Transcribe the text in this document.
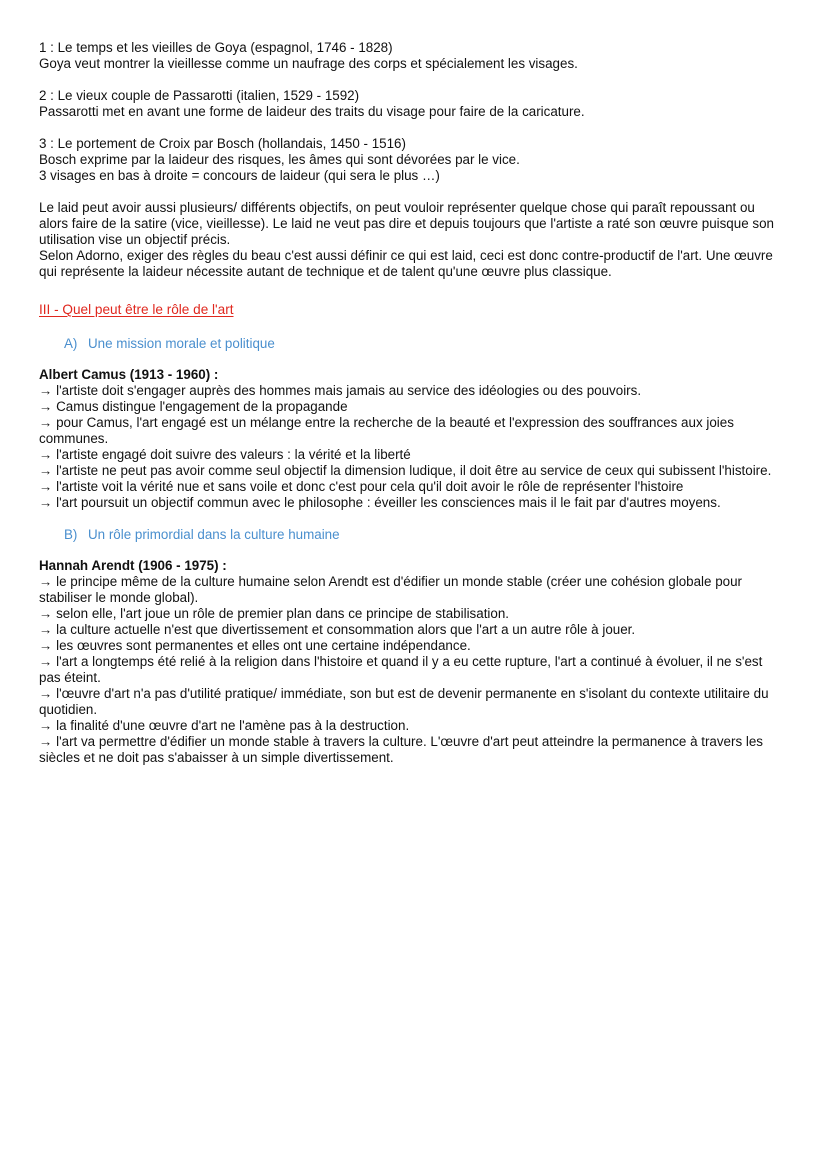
1 : Le temps et les vieilles de Goya (espagnol, 1746 - 1828)

Goya veut montrer la vieillesse comme un naufrage des corps et spécialement les visages.

2 : Le vieux couple de Passarotti (italien, 1529 - 1592)

Passarotti met en avant une forme de laideur des traits du visage pour faire de la caricature.

3 : Le portement de Croix par Bosch (hollandais, 1450 - 1516)

Bosch exprime par la laideur des risques, les âmes qui sont dévorées par le vice.

3 visages en bas à droite = concours de laideur (qui sera le plus …)

Le laid peut avoir aussi plusieurs/ différents objectifs, on peut vouloir représenter quelque chose qui paraît repoussant ou alors faire de la satire (vice, vieillesse). Le laid ne veut pas dire et depuis toujours que l'artiste a raté son œuvre puisque son utilisation vise un objectif précis.

Selon Adorno, exiger des règles du beau c'est aussi définir ce qui est laid, ceci est donc contre-productif de l'art. Une œuvre qui représente la laideur nécessite autant de technique et de talent qu'une œuvre plus classique.

III - Quel peut être le rôle de l'art

A) Une mission morale et politique

Albert Camus (1913 - 1960) :

→ l'artiste doit s'engager auprès des hommes mais jamais au service des idéologies ou des pouvoirs.

→ Camus distingue l'engagement de la propagande

→ pour Camus, l'art engagé est un mélange entre la recherche de la beauté et l'expression des souffrances aux joies communes.

→ l'artiste engagé doit suivre des valeurs : la vérité et la liberté

→ l'artiste ne peut pas avoir comme seul objectif la dimension ludique, il doit être au service de ceux qui subissent l'histoire.

→ l'artiste voit la vérité nue et sans voile et donc c'est pour cela qu'il doit avoir le rôle de représenter l'histoire

→ l'art poursuit un objectif commun avec le philosophe : éveiller les consciences mais il le fait par d'autres moyens.

B) Un rôle primordial dans la culture humaine

Hannah Arendt (1906 - 1975) :

→ le principe même de la culture humaine selon Arendt est d'édifier un monde stable (créer une cohésion globale pour stabiliser le monde global).

→ selon elle, l'art joue un rôle de premier plan dans ce principe de stabilisation.

→ la culture actuelle n'est que divertissement et consommation alors que l'art a un autre rôle à jouer.

→ les œuvres sont permanentes et elles ont une certaine indépendance.

→ l'art a longtemps été relié à la religion dans l'histoire et quand il y a eu cette rupture, l'art a continué à évoluer, il ne s'est pas éteint.

→ l'œuvre d'art n'a pas d'utilité pratique/ immédiate, son but est de devenir permanente en s'isolant du contexte utilitaire du quotidien.

→ la finalité d'une œuvre d'art ne l'amène pas à la destruction.

→ l'art va permettre d'édifier un monde stable à travers la culture. L'œuvre d'art peut atteindre la permanence à travers les siècles et ne doit pas s'abaisser à un simple divertissement.
